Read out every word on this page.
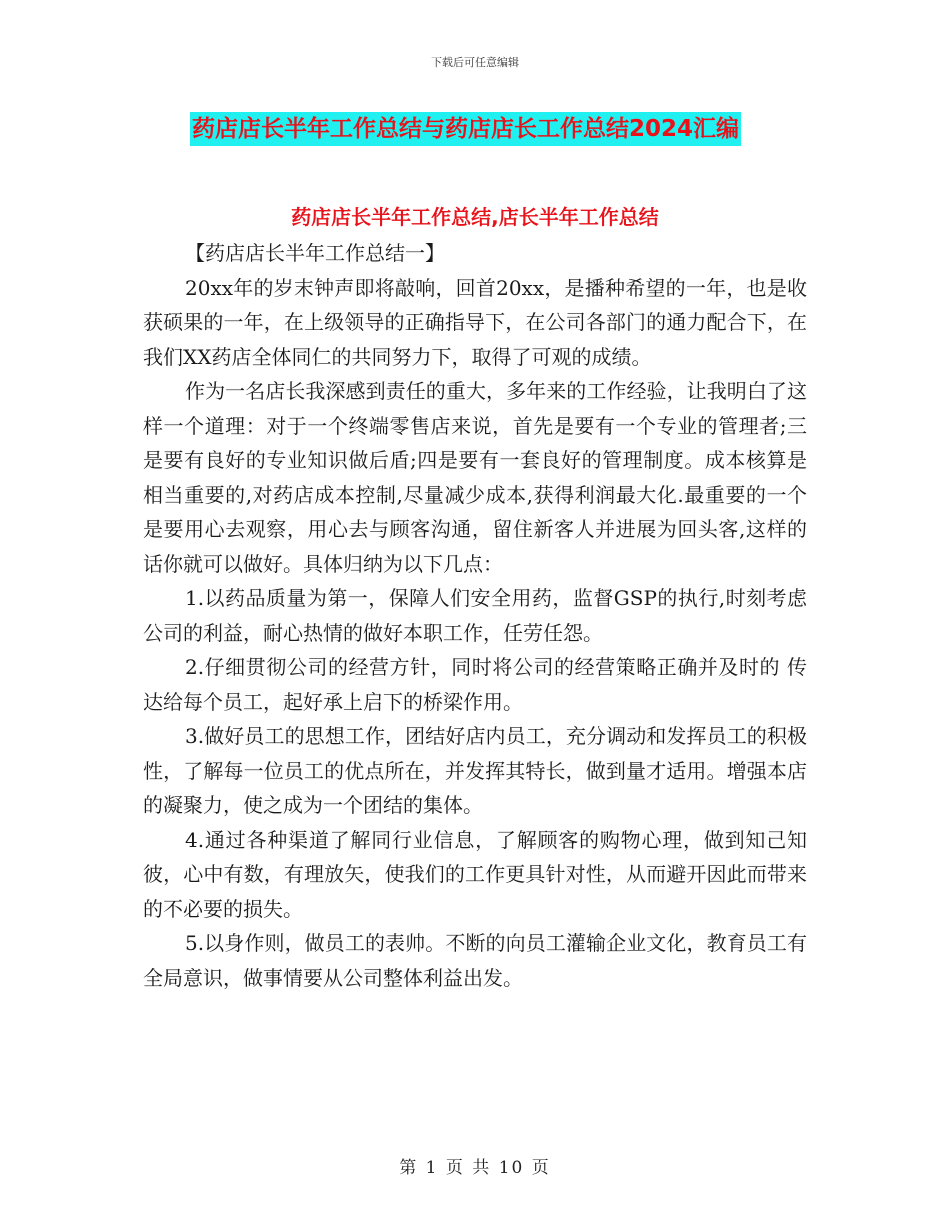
下载后可任意编辑
药店店长半年工作总结与药店店长工作总结2024汇编
药店店长半年工作总结,店长半年工作总结

【药店店长半年工作总结一】

20xx年的岁末钟声即将敲响，回首20xx，是播种希望的一年，也是收获硕果的一年，在上级领导的正确指导下，在公司各部门的通力配合下，在我们XX药店全体同仁的共同努力下，取得了可观的成绩。

作为一名店长我深感到责任的重大，多年来的工作经验，让我明白了这样一个道理：对于一个终端零售店来说，首先是要有一个专业的管理者;三是要有良好的专业知识做后盾;四是要有一套良好的管理制度。成本核算是相当重要的,对药店成本控制,尽量减少成本,获得利润最大化.最重要的一个是要用心去观察，用心去与顾客沟通，留住新客人并进展为回头客,这样的话你就可以做好。具体归纳为以下几点：

1.以药品质量为第一，保障人们安全用药，监督GSP的执行,时刻考虑公司的利益，耐心热情的做好本职工作，任劳任怨。

2.仔细贯彻公司的经营方针，同时将公司的经营策略正确并及时的 传达给每个员工，起好承上启下的桥梁作用。

3.做好员工的思想工作，团结好店内员工，充分调动和发挥员工的积极性，了解每一位员工的优点所在，并发挥其特长，做到量才适用。增强本店的凝聚力，使之成为一个团结的集体。

4.通过各种渠道了解同行业信息，了解顾客的购物心理，做到知己知彼，心中有数，有理放矢，使我们的工作更具针对性，从而避开因此而带来的不必要的损失。

5.以身作则，做员工的表帅。不断的向员工灌输企业文化，教育员工有全局意识，做事情要从公司整体利益出发。

第 1 页 共 10 页
